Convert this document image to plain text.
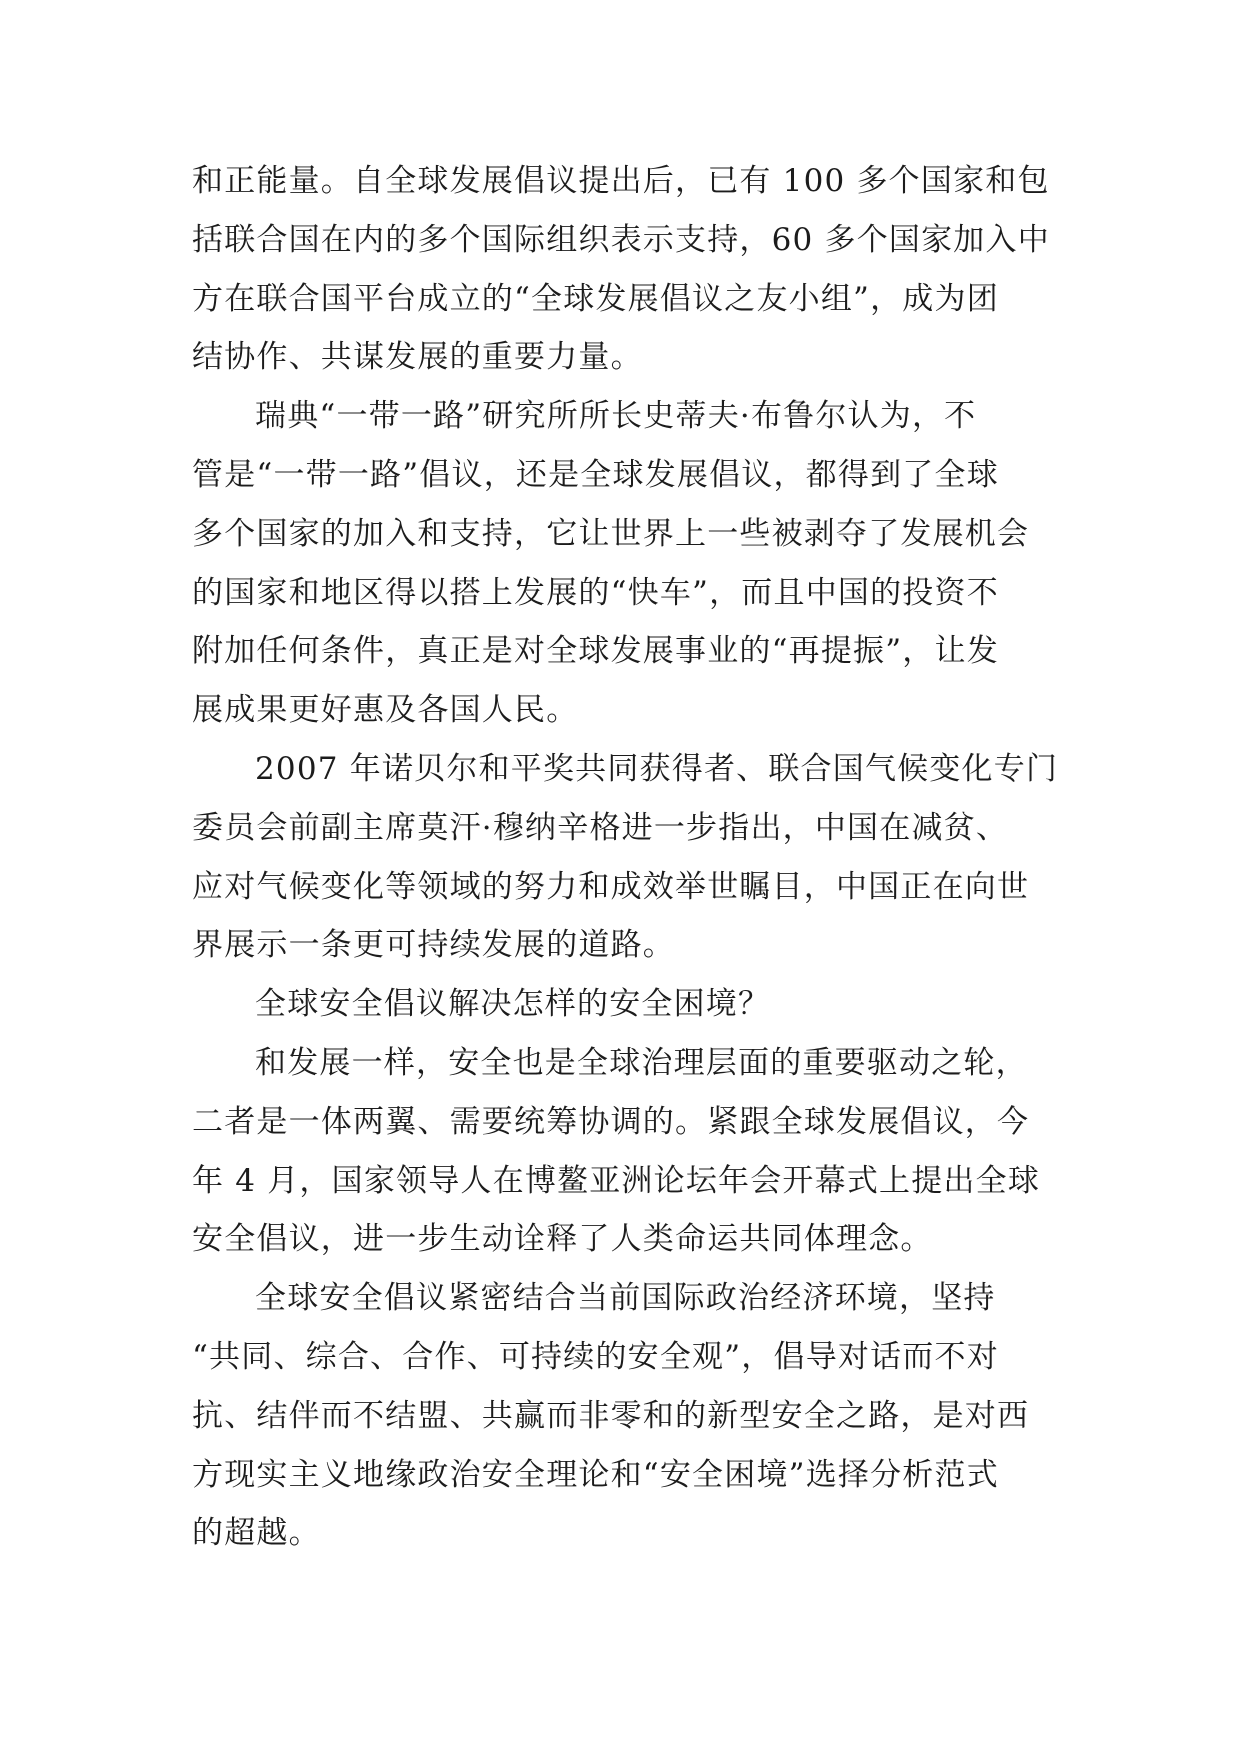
和正能量。自全球发展倡议提出后，已有 100 多个国家和包
括联合国在内的多个国际组织表示支持，60 多个国家加入中
方在联合国平台成立的“全球发展倡议之友小组”，成为团
结协作、共谋发展的重要力量。
瑞典“一带一路”研究所所长史蒂夫·布鲁尔认为，不
管是“一带一路”倡议，还是全球发展倡议，都得到了全球
多个国家的加入和支持，它让世界上一些被剥夺了发展机会
的国家和地区得以搭上发展的“快车”，而且中国的投资不
附加任何条件，真正是对全球发展事业的“再提振”，让发
展成果更好惠及各国人民。
2007 年诺贝尔和平奖共同获得者、联合国气候变化专门
委员会前副主席莫汗·穆纳辛格进一步指出，中国在减贫、
应对气候变化等领域的努力和成效举世瞩目，中国正在向世
界展示一条更可持续发展的道路。
全球安全倡议解决怎样的安全困境？
和发展一样，安全也是全球治理层面的重要驱动之轮，
二者是一体两翼、需要统筹协调的。紧跟全球发展倡议，今
年 4 月，国家领导人在博鳌亚洲论坛年会开幕式上提出全球
安全倡议，进一步生动诠释了人类命运共同体理念。
全球安全倡议紧密结合当前国际政治经济环境，坚持
“共同、综合、合作、可持续的安全观”，倡导对话而不对
抗、结伴而不结盟、共赢而非零和的新型安全之路，是对西
方现实主义地缘政治安全理论和“安全困境”选择分析范式
的超越。
